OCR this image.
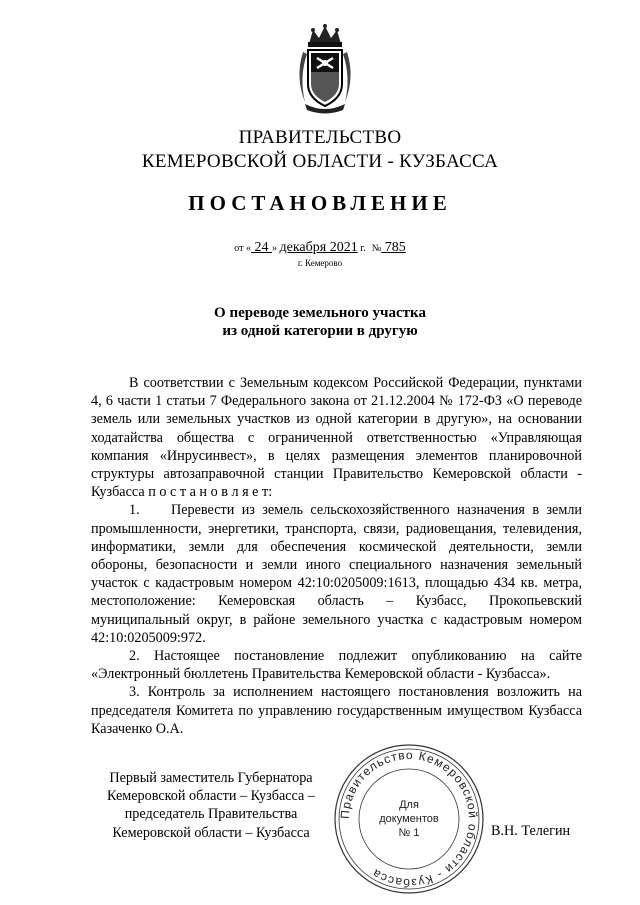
ПРАВИТЕЛЬСТВО
КЕМЕРОВСКОЙ ОБЛАСТИ - КУЗБАССА
ПОСТАНОВЛЕНИЕ
от « 24 » декабря 2021 г. № 785
г. Кемерово
О переводе земельного участка
из одной категории в другую

В соответствии с Земельным кодексом Российской Федерации, пунктами 4, 6 части 1 статьи 7 Федерального закона от 21.12.2004 № 172-ФЗ «О переводе земель или земельных участков из одной категории в другую», на основании ходатайства общества с ограниченной ответственностью «Управляющая компания «Инрусинвест», в целях размещения элементов планировочной структуры автозаправочной станции Правительство Кемеровской области - Кузбасса п о с т а н о в л я е т:

1. Перевести из земель сельскохозяйственного назначения в земли промышленности, энергетики, транспорта, связи, радиовещания, телевидения, информатики, земли для обеспечения космической деятельности, земли обороны, безопасности и земли иного специального назначения земельный участок с кадастровым номером 42:10:0205009:1613, площадью 434 кв. метра, местоположение: Кемеровская область – Кузбасс, Прокопьевский муниципальный округ, в районе земельного участка с кадастровым номером 42:10:0205009:972.

2. Настоящее постановление подлежит опубликованию на сайте «Электронный бюллетень Правительства Кемеровской области - Кузбасса».

3. Контроль за исполнением настоящего постановления возложить на председателя Комитета по управлению государственным имуществом Кузбасса Казаченко О.А.

Первый заместитель Губернатора
Кемеровской области – Кузбасса –
председатель Правительства
Кемеровской области – Кузбасса
Правительство Кемеровской области - Кузбасса
Для
документов
№ 1	В.Н. Телегин
